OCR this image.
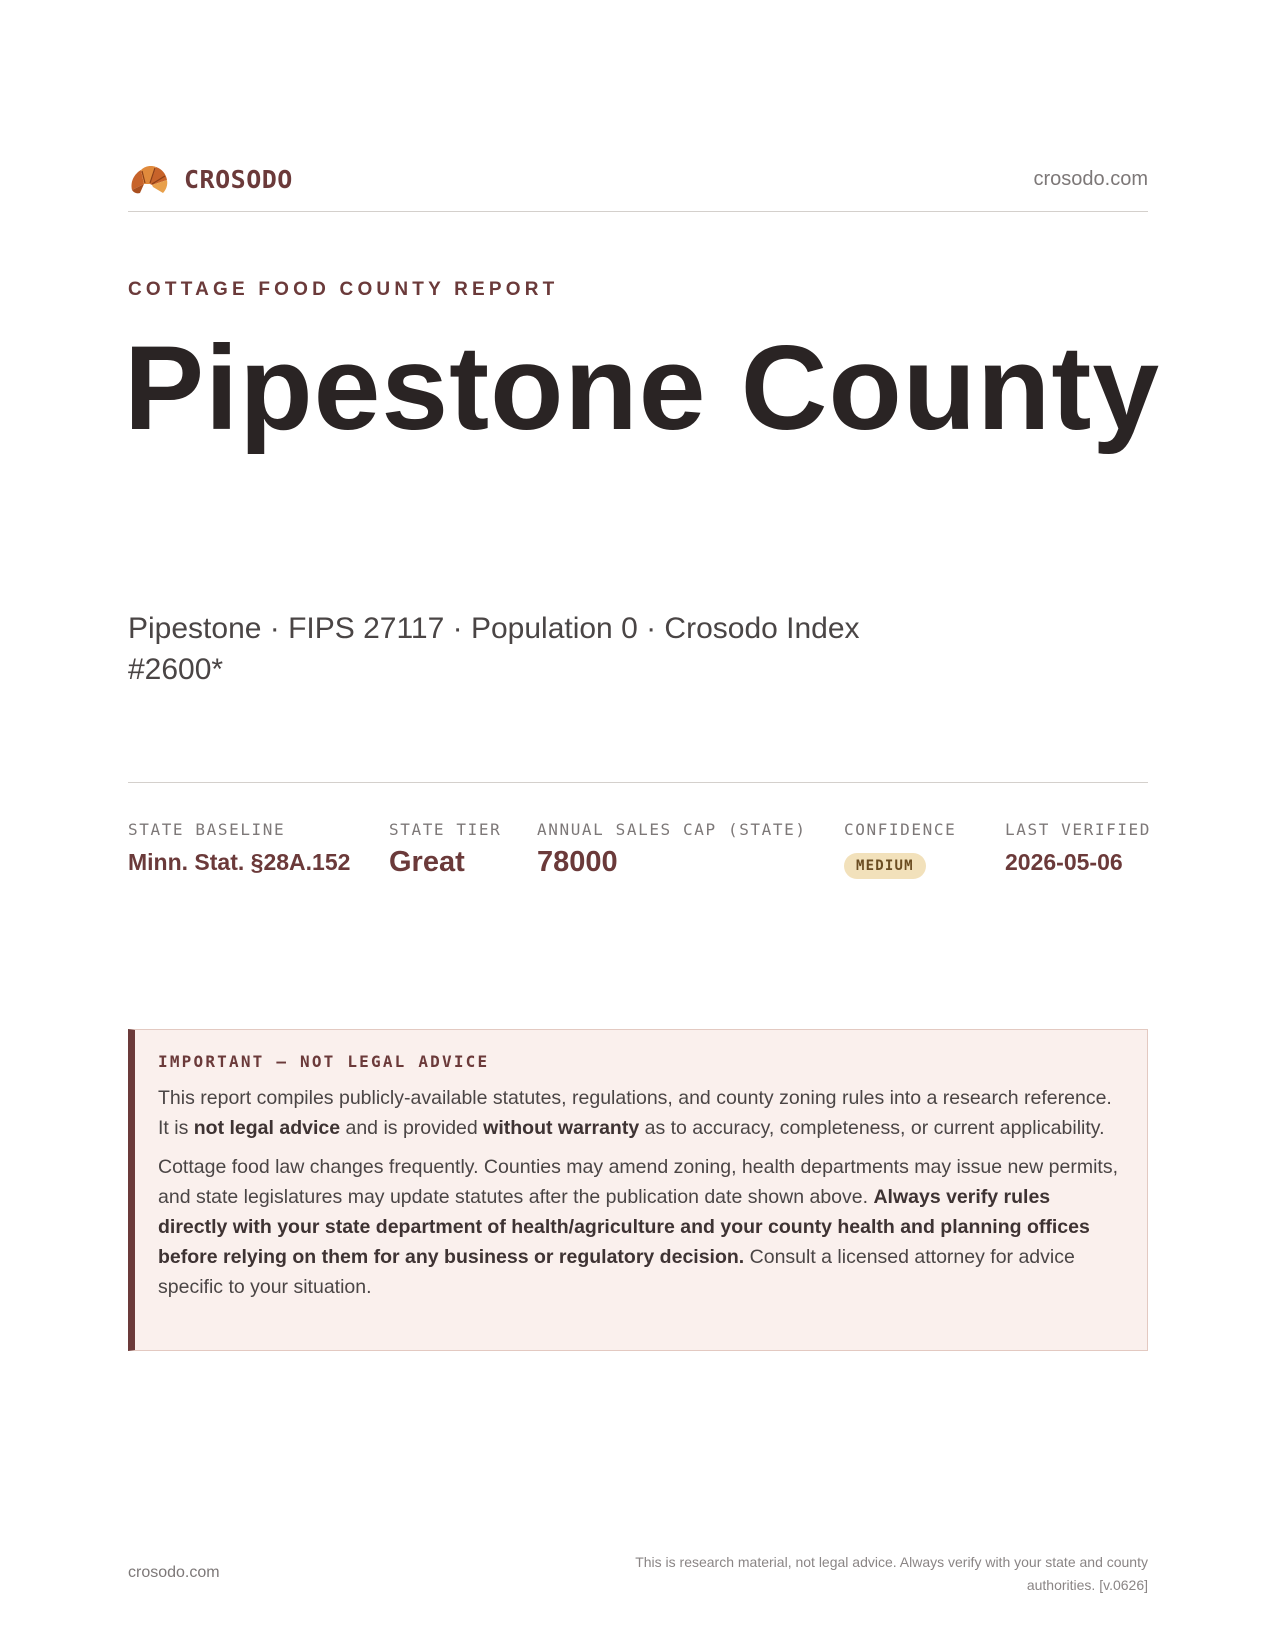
CROSODO	crosodo.com
COTTAGE FOOD COUNTY REPORT
Pipestone County
Pipestone · FIPS 27117 · Population 0 · Crosodo Index #2600*
STATE BASELINE
Minn. Stat. §28A.152
STATE TIER
Great
ANNUAL SALES CAP (STATE)
78000
CONFIDENCE
MEDIUM
LAST VERIFIED
2026-05-06
IMPORTANT — NOT LEGAL ADVICE

This report compiles publicly-available statutes, regulations, and county zoning rules into a research reference. It is not legal advice and is provided without warranty as to accuracy, completeness, or current applicability.

Cottage food law changes frequently. Counties may amend zoning, health departments may issue new permits, and state legislatures may update statutes after the publication date shown above. Always verify rules directly with your state department of health/agriculture and your county health and planning offices before relying on them for any business or regulatory decision. Consult a licensed attorney for advice specific to your situation.

crosodo.com
This is research material, not legal advice. Always verify with your state and county authorities. [v.0626]
